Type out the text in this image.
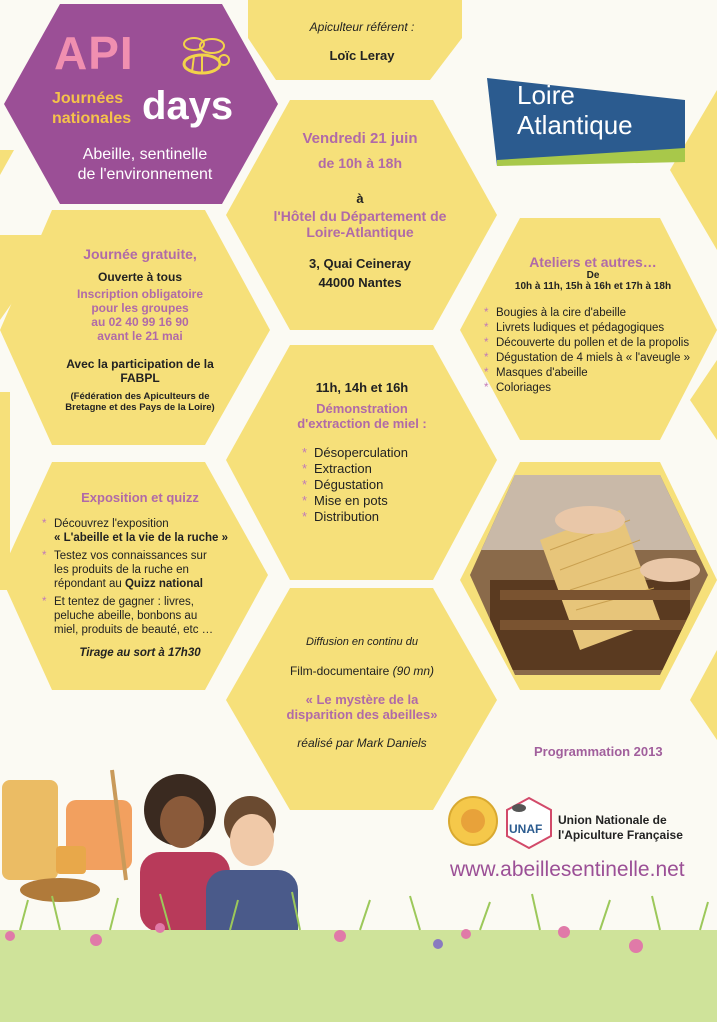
API
Journées
nationales days
Abeille, sentinelle
de l'environnement
Apiculteur référent :
Loïc Leray
Loire
Atlantique
Vendredi 21 juin
de 10h à 18h
à
l'Hôtel du Département de
Loire-Atlantique
3, Quai Ceineray
44000 Nantes
Journée gratuite,
Ouverte à tous
Inscription obligatoire
pour les groupes
au 02 40 99 16 90
avant le 21 mai
Avec la participation de la
FABPL
(Fédération des Apiculteurs de
Bretagne et des Pays de la Loire)
Ateliers et autres…
De
10h à 11h, 15h à 16h et 17h à 18h
* Bougies à la cire d'abeille
* Livrets ludiques et pédagogiques
* Découverte du pollen et de la propolis
* Dégustation de 4 miels à « l'aveugle »
* Masques d'abeille
* Coloriages
11h, 14h et 16h
Démonstration
d'extraction de miel :
* Désoperculation
* Extraction
* Dégustation
* Mise en pots
* Distribution
Exposition et quizz
* Découvrez l'exposition
« L'abeille et la vie de la ruche »
* Testez vos connaissances sur
les produits de la ruche en
répondant au Quizz national
* Et tentez de gagner : livres,
peluche abeille, bonbons au
miel, produits de beauté, etc …
Tirage au sort à 17h30
Diffusion en continu du
Film-documentaire (90 mn)
« Le mystère de la
disparition des abeilles»
réalisé par Mark Daniels
Programmation 2013
UNAF
Union Nationale de
l'Apiculture Française
www.abeillesentinelle.net
